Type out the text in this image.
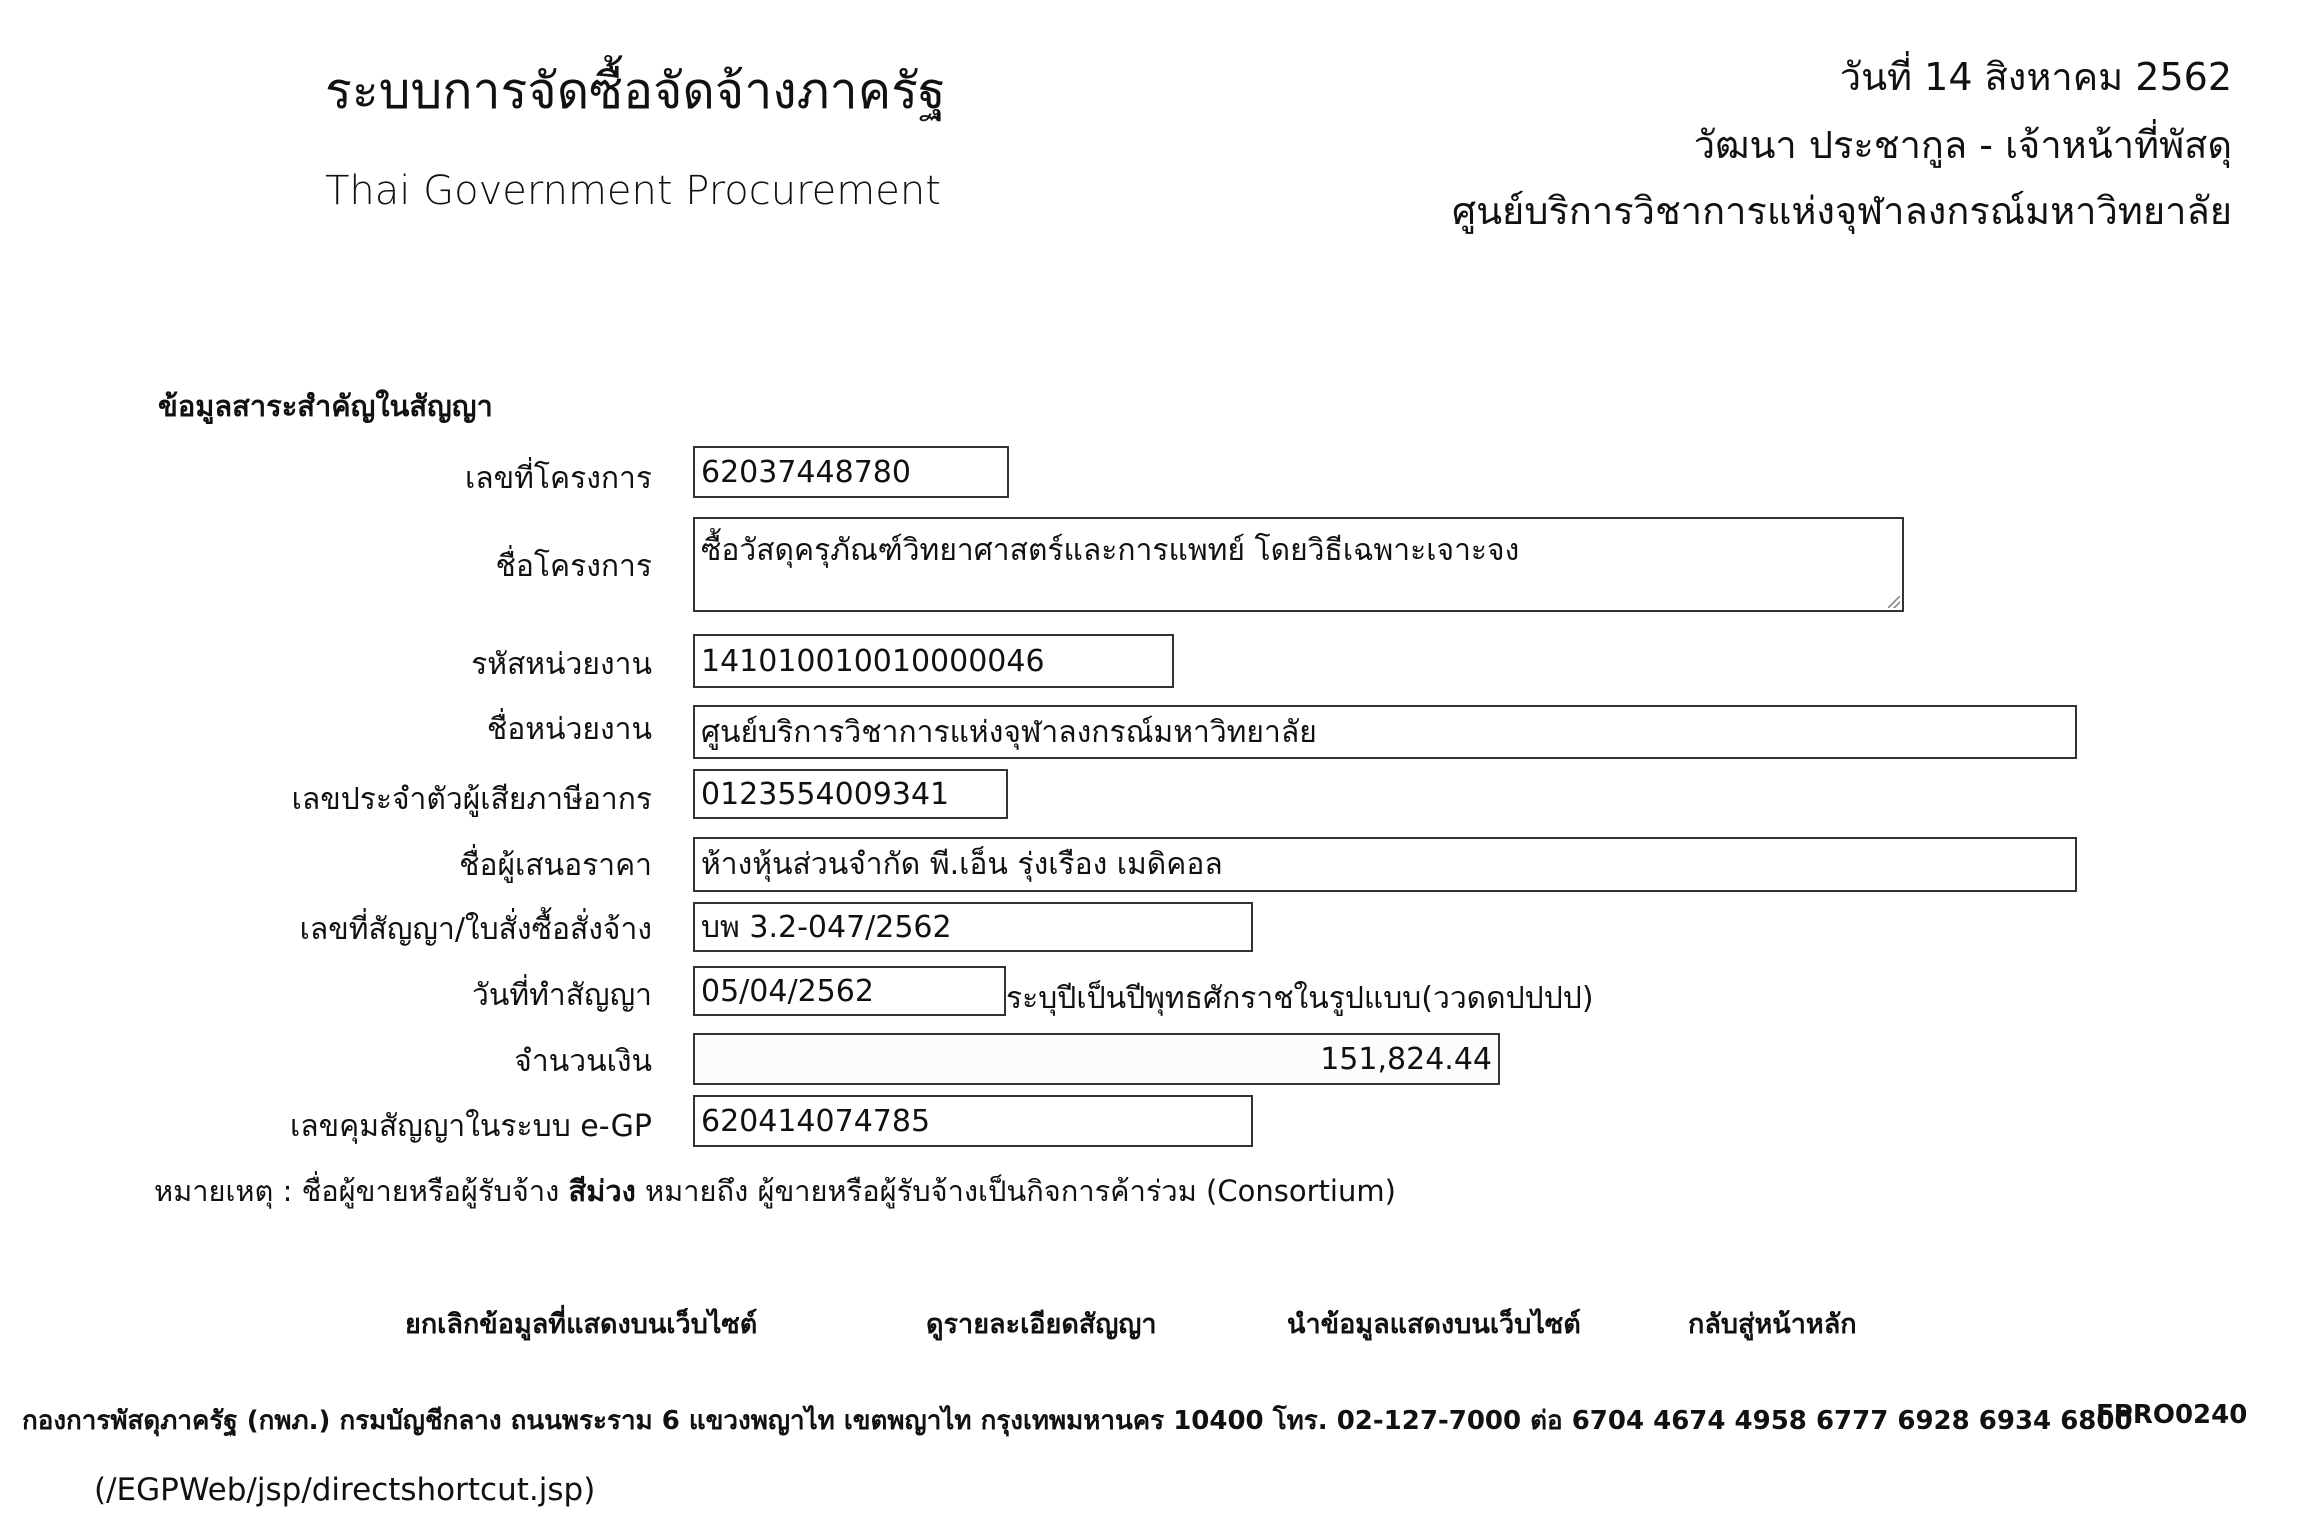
ระบบการจัดซื้อจัดจ้างภาครัฐ
Thai Government Procurement
วันที่ 14 สิงหาคม 2562
วัฒนา ประชากูล - เจ้าหน้าที่พัสดุ
ศูนย์บริการวิชาการแห่งจุฬาลงกรณ์มหาวิทยาลัย
ข้อมูลสาระสำคัญในสัญญา
เลขที่โครงการ 62037448780
ชื่อโครงการ ซื้อวัสดุครุภัณฑ์วิทยาศาสตร์และการแพทย์ โดยวิธีเฉพาะเจาะจง
รหัสหน่วยงาน 141010010010000046
ชื่อหน่วยงาน ศูนย์บริการวิชาการแห่งจุฬาลงกรณ์มหาวิทยาลัย
เลขประจำตัวผู้เสียภาษีอากร 0123554009341
ชื่อผู้เสนอราคา ห้างหุ้นส่วนจำกัด พี.เอ็น รุ่งเรือง เมดิคอล
เลขที่สัญญา/ใบสั่งซื้อสั่งจ้าง บพ 3.2-047/2562
วันที่ทำสัญญา 05/04/2562	ระบุปีเป็นปีพุทธศักราชในรูปแบบ(ววดดปปปป)
จำนวนเงิน	151,824.44
เลขคุมสัญญาในระบบ e-GP 620414074785
หมายเหตุ : ชื่อผู้ขายหรือผู้รับจ้าง สีม่วง หมายถึง ผู้ขายหรือผู้รับจ้างเป็นกิจการค้าร่วม (Consortium)
ยกเลิกข้อมูลที่แสดงบนเว็บไซต์	ดูรายละเอียดสัญญา	นำข้อมูลแสดงบนเว็บไซต์	กลับสู่หน้าหลัก
กองการพัสดุภาครัฐ (กพภ.) กรมบัญชีกลาง ถนนพระราม 6 แขวงพญาไท เขตพญาไท กรุงเทพมหานคร 10400 โทร. 02-127-7000 ต่อ 6704 4674 4958 6777 6928 6934 6800
FPRO0240
(/EGPWeb/jsp/directshortcut.jsp)
